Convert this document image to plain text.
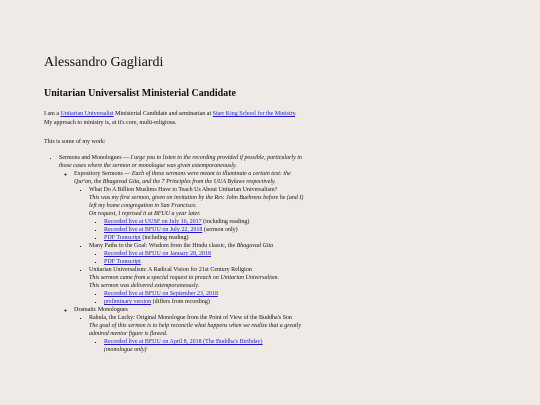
Alessandro Gagliardi
Unitarian Universalist Ministerial Candidate

I am a Unitarian Universalist Ministerial Candidate and seminarian at Starr King School for the Ministry. My approach to ministry is, at it's core, multi-religious.

This is some of my work:

• Sermons and Monologues — I urge you to listen to the recording provided if possible, particularly in those cases where the sermon or monologue was given extemporaneously.
◦ Expository Sermons — Each of these sermons were meant to illuminate a certain text: the Qur'an, the Bhagavad Gita, and the 7 Principles from the UUA Bylaws respectively.
▪ What Do A Billion Muslims Have to Teach Us About Unitarian Universalism?
This was my first sermon, given on invitation by the Rev. John Buehrens before he (and I) left my home congregation in San Francisco.
On request, I reprised it at BFUU a year later.
▪ Recorded live at UUSF on July 16, 2017 (including reading)
▪ Recorded live at BFUU on July 22, 2018 (sermon only)
▪ PDF Transcript (including reading)
▪ Many Paths to the Goal: Wisdom from the Hindu classic, the Bhagavad Gita
▪ Recorded live at BFUU on January 28, 2018
▪ PDF Transcript
▪ Unitarian Universalism: A Radical Vision for 21st Century Religion
This sermon came from a special request to preach on Unitarian Universalism.
This sermon was delivered extemporaneously.
▪ Recorded live at BFUU on September 23, 2018
▪ preliminary version (differs from recording)
◦ Dramatic Monologues
▪ Rahula, the Lucky: Original Monologue from the Point of View of the Buddha's Son
The goal of this sermon is to help reconcile what happens when we realize that a greatly admired mentor figure is flawed.
▪ Recorded live at BFUU on April 8, 2018 (The Buddha's Birthday)
(monologue only)
